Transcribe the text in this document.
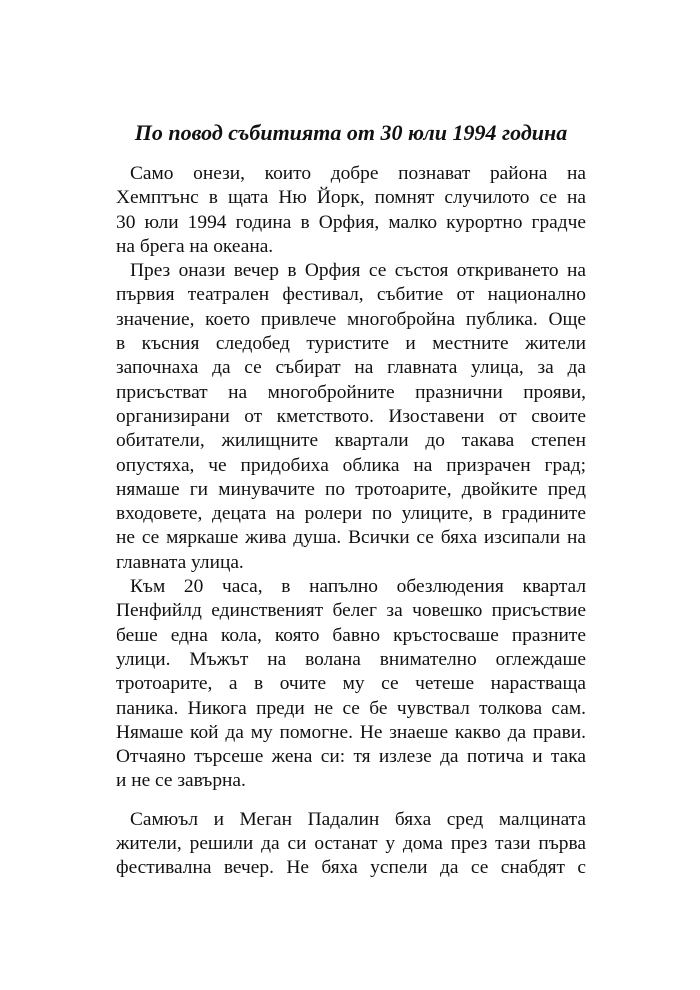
По повод събитията от 30 юли 1994 година
Само онези, които добре познават района на
Хемптънс в щата Ню Йорк, помнят случилото се на
30 юли 1994 година в Орфия, малко курортно градче
на брега на океана.
През онази вечер в Орфия се състоя откриването на
първия театрален фестивал, събитие от национално
значение, което привлече многобройна публика. Още
в късния следобед туристите и местните жители
започнаха да се събират на главната улица, за да
присъстват на многобройните празнични прояви,
организирани от кметството. Изоставени от своите
обитатели, жилищните квартали до такава степен
опустяха, че придобиха облика на призрачен град;
нямаше ги минувачите по тротоарите, двойките пред
входовете, децата на ролери по улиците, в градините
не се мяркаше жива душа. Всички се бяха изсипали на
главната улица.
Към 20 часа, в напълно обезлюдения квартал
Пенфийлд единственият белег за човешко присъствие
беше една кола, която бавно кръстосваше празните
улици. Мъжът на волана внимателно оглеждаше
тротоарите, а в очите му се четеше нарастваща
паника. Никога преди не се бе чувствал толкова сам.
Нямаше кой да му помогне. Не знаеше какво да прави.
Отчаяно търсеше жена си: тя излезе да потича и така
и не се завърна.
Самюъл и Меган Падалин бяха сред малцината
жители, решили да си останат у дома през тази първа
фестивална вечер. Не бяха успели да се снабдят с
